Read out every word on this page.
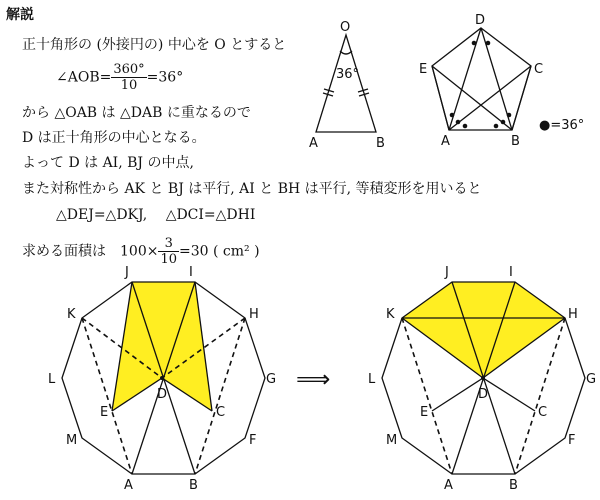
解説
正十角形の (外接円の) 中心を O とすると
∠AOB= $\frac{360^\circ}{10} =36^\circ$
から △OAB は △DAB に重なるので
D は正十角形の中心となる。
よって D は AI, BJ の中点,
また対称性から AK と BJ は平行, AI と BH は平行, 等積変形を用いると
△DEJ=△DKJ,　 △DCI=△DHI
求める面積は　$100\times \frac{3}{10} =30$ ( cm² )
O
36°
A	B
D
E	C
A	B
●=36°
J	I
K	H
L	G
M	F
A	B
E
D
C
⟹
J	I
K	H
L	G
M	F
A	B
E
D
C
